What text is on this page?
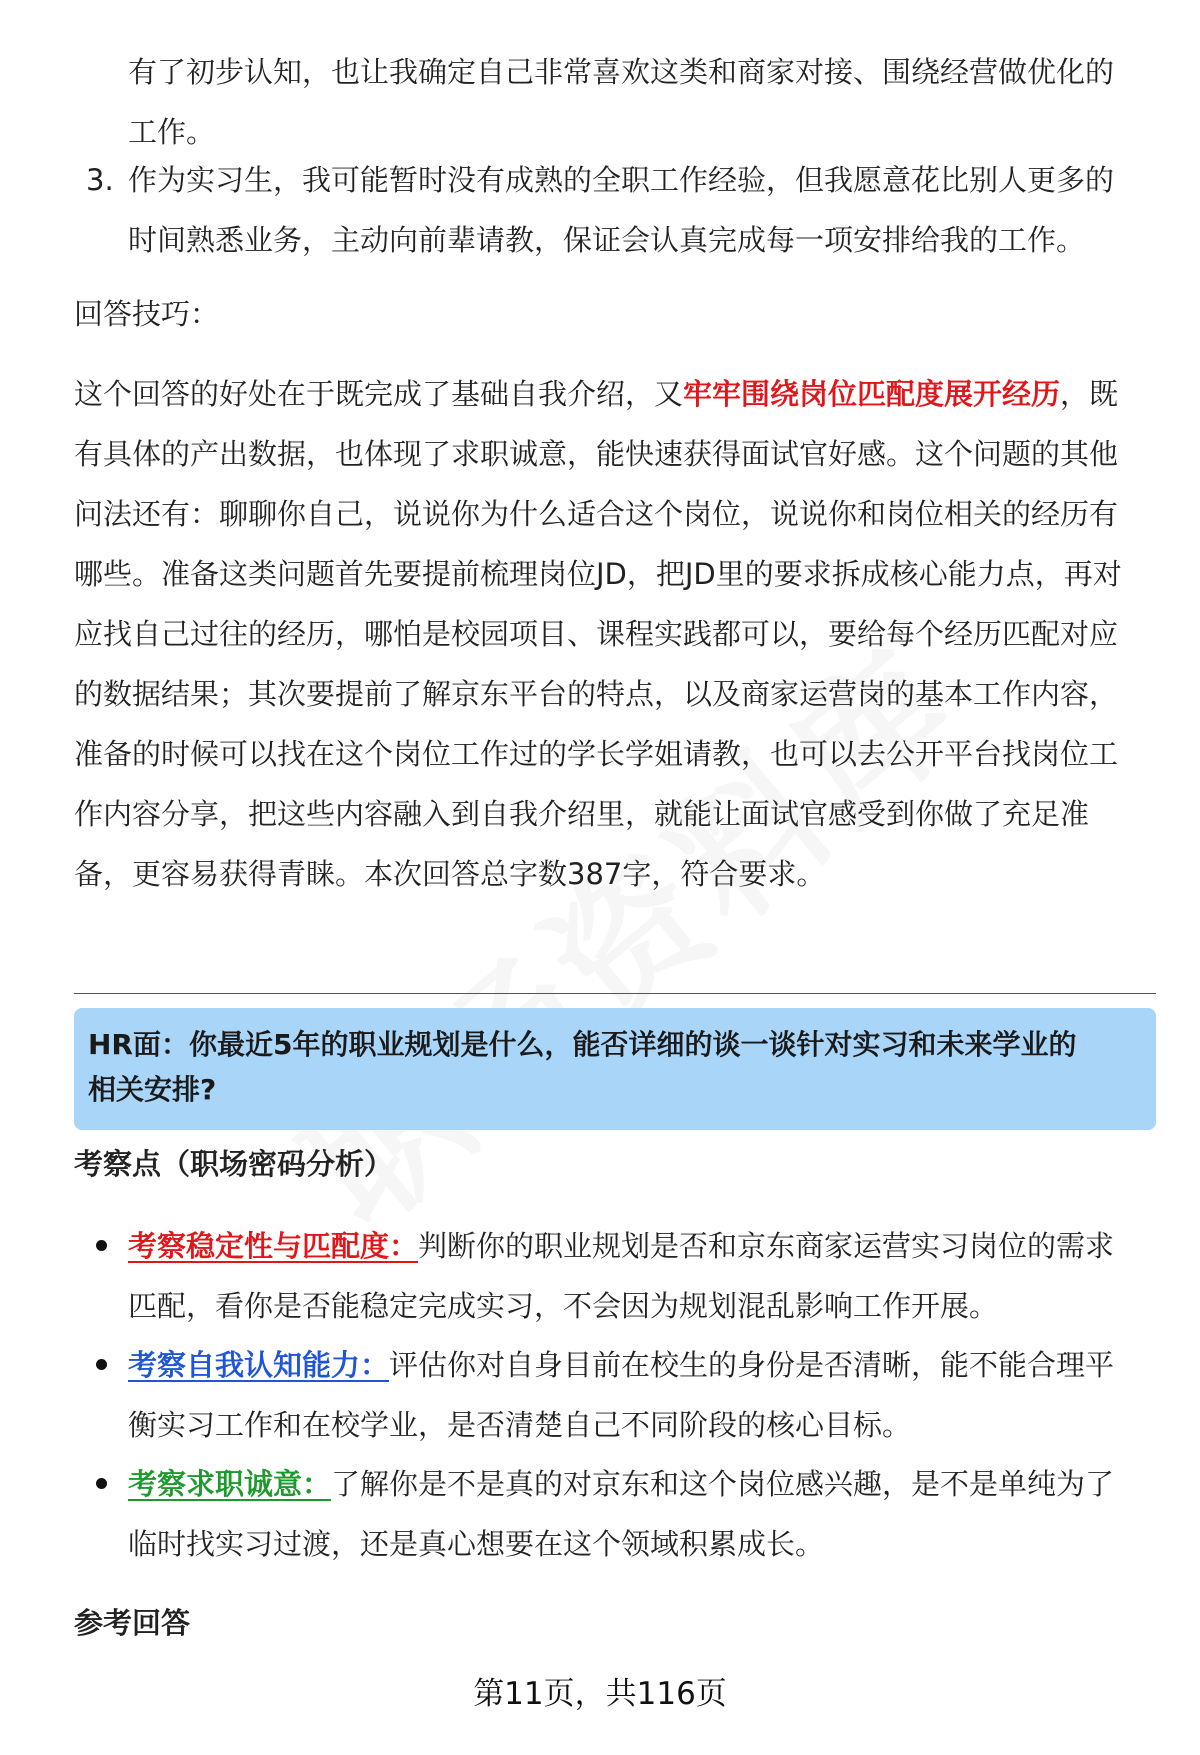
有了初步认知，也让我确定自己非常喜欢这类和商家对接、围绕经营做优化的
工作。
3. 作为实习生，我可能暂时没有成熟的全职工作经验，但我愿意花比别人更多的
时间熟悉业务，主动向前辈请教，保证会认真完成每一项安排给我的工作。
回答技巧：
这个回答的好处在于既完成了基础自我介绍，又牢牢围绕岗位匹配度展开经历，既
有具体的产出数据，也体现了求职诚意，能快速获得面试官好感。这个问题的其他
问法还有：聊聊你自己，说说你为什么适合这个岗位，说说你和岗位相关的经历有
哪些。准备这类问题首先要提前梳理岗位JD，把JD里的要求拆成核心能力点，再对
应找自己过往的经历，哪怕是校园项目、课程实践都可以，要给每个经历匹配对应
的数据结果；其次要提前了解京东平台的特点，以及商家运营岗的基本工作内容，
准备的时候可以找在这个岗位工作过的学长学姐请教，也可以去公开平台找岗位工
作内容分享，把这些内容融入到自我介绍里，就能让面试官感受到你做了充足准
备，更容易获得青睐。本次回答总字数387字，符合要求。
HR面：你最近5年的职业规划是什么，能否详细的谈一谈针对实习和未来学业的
相关安排?
考察点（职场密码分析）
考察稳定性与匹配度：判断你的职业规划是否和京东商家运营实习岗位的需求
匹配，看你是否能稳定完成实习，不会因为规划混乱影响工作开展。
考察自我认知能力：评估你对自身目前在校生的身份是否清晰，能不能合理平
衡实习工作和在校学业，是否清楚自己不同阶段的核心目标。
考察求职诚意：了解你是不是真的对京东和这个岗位感兴趣，是不是单纯为了
临时找实习过渡，还是真心想要在这个领域积累成长。
参考回答
第11页，共116页
